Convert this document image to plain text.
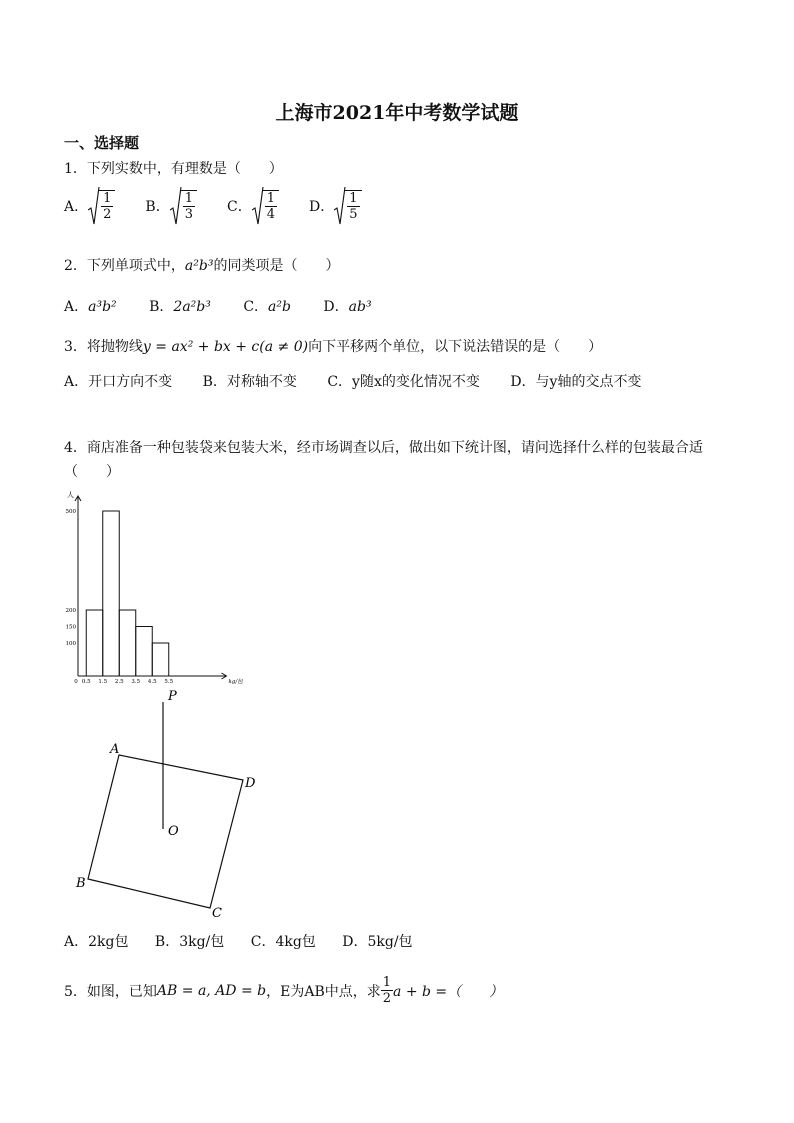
上海市2021年中考数学试题
一、选择题
1．下列实数中，有理数是（　　）
A． $\frac{1}{2}$ B． $\frac{1}{3}$ C． $\frac{1}{4}$ D． $\frac{1}{5}$
2．下列单项式中，a²b³的同类项是（　　）
A．a³b² B．2a²b³ C．a²b D．ab³
3．将抛物线y = ax² + bx + c(a ≠ 0)向下平移两个单位，以下说法错误的是（　　）
A．开口方向不变 B．对称轴不变 C．y随x的变化情况不变 D．与y轴的交点不变
4．商店准备一种包装袋来包装大米，经市场调查以后，做出如下统计图，请问选择什么样的包装最合适
（　　）
500
200
150
100
0 0.5 1.5 2.5 3.5 4.5 5.5
人
kg/包
P
A
D
O
B
C
A．2kg包 B．3kg/包 C．4kg包 D．5kg/包
5．如图，已知 AB = a, AD = b ，E为AB中点，求 $\frac{1}{2}$ a + b =（　　）
